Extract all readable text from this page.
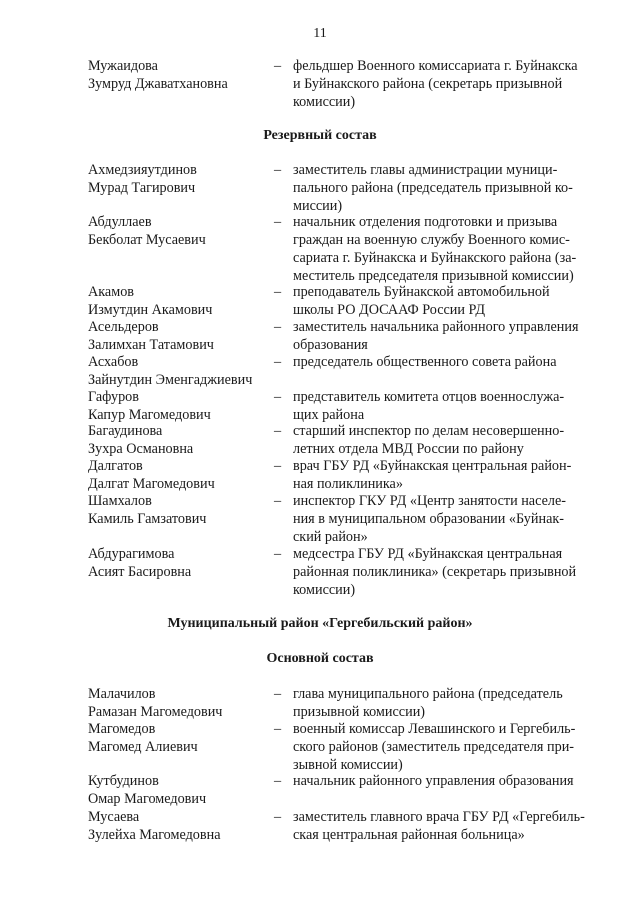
11
Мужаидова
Зумруд Джаватхановна
– фельдшер Военного комиссариата г. Буйнакска
и Буйнакского района (секретарь призывной
комиссии)
Резервный состав
Ахмедзияутдинов
Мурад Тагирович
– заместитель главы администрации муници-
пального района (председатель призывной ко-
миссии)
Абдуллаев
Бекболат Мусаевич
– начальник отделения подготовки и призыва
граждан на военную службу Военного комис-
сариата г. Буйнакска и Буйнакского района (за-
меститель председателя призывной комиссии)
Акамов
Измутдин Акамович
– преподаватель Буйнакской автомобильной
школы РО ДОСААФ России РД
Асельдеров
Залимхан Татамович
– заместитель начальника районного управления
образования
Асхабов
Зайнутдин Эменгаджиевич
– председатель общественного совета района
Гафуров
Капур Магомедович
– представитель комитета отцов военнослужа-
щих района
Багаудинова
Зухра Османовна
– старший инспектор по делам несовершенно-
летних отдела МВД России по району
Далгатов
Далгат Магомедович
– врач ГБУ РД «Буйнакская центральная район-
ная поликлиника»
Шамхалов
Камиль Гамзатович
– инспектор ГКУ РД «Центр занятости населе-
ния в муниципальном образовании «Буйнак-
ский район»
Абдурагимова
Асият Басировна
– медсестра ГБУ РД «Буйнакская центральная
районная поликлиника» (секретарь призывной
комиссии)
Муниципальный район «Гергебильский район»
Основной состав
Малачилов
Рамазан Магомедович
– глава муниципального района (председатель
призывной комиссии)
Магомедов
Магомед Алиевич
– военный комиссар Левашинского и Гергебиль-
ского районов (заместитель председателя при-
зывной комиссии)
Кутбудинов
Омар Магомедович
– начальник районного управления образования
Мусаева
Зулейха Магомедовна
– заместитель главного врача ГБУ РД «Гергебиль-
ская центральная районная больница»
